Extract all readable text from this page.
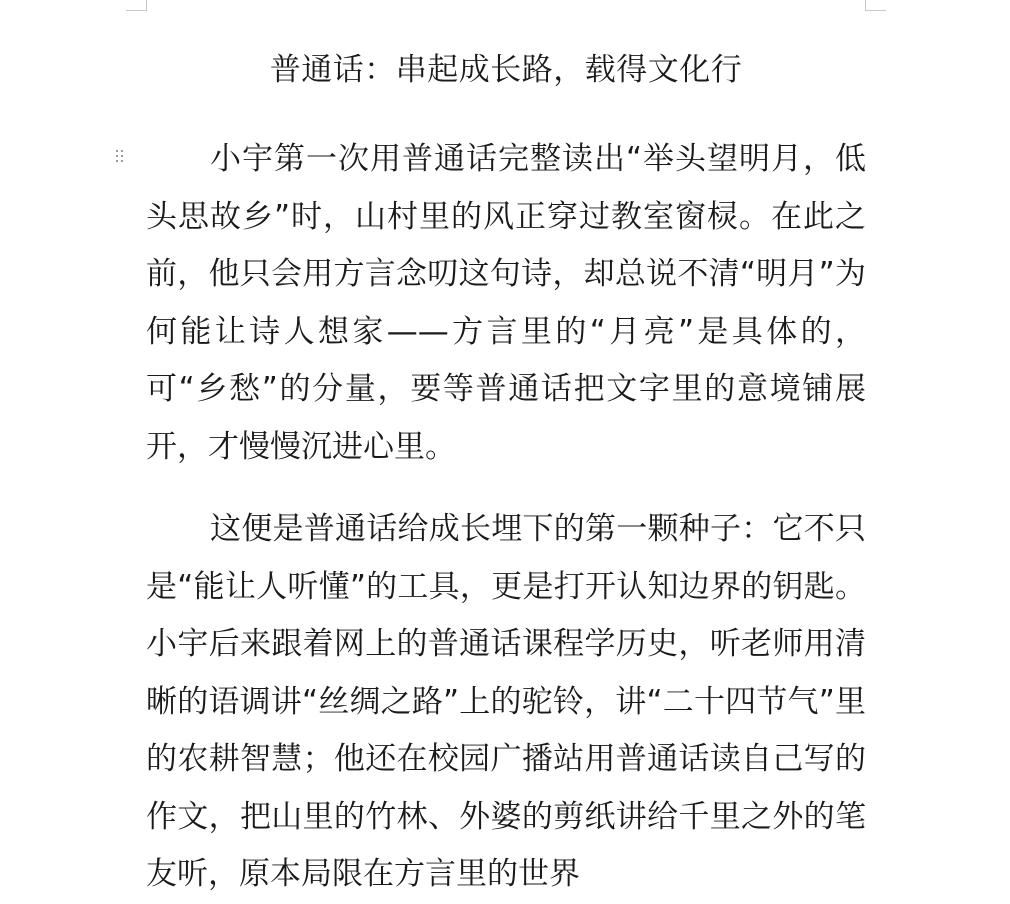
普通话：串起成长路，载得文化行

小宇第一次用普通话完整读出“举头望明月，低头思故乡”时，山村里的风正穿过教室窗棂。在此之前，他只会用方言念叨这句诗，却总说不清“明月”为何能让诗人想家——方言里的“月亮”是具体的，可“乡愁”的分量，要等普通话把文字里的意境铺展开，才慢慢沉进心里。

这便是普通话给成长埋下的第一颗种子：它不只是“能让人听懂”的工具，更是打开认知边界的钥匙。小宇后来跟着网上的普通话课程学历史，听老师用清晰的语调讲“丝绸之路”上的驼铃，讲“二十四节气”里的农耕智慧；他还在校园广播站用普通话读自己写的作文，把山里的竹林、外婆的剪纸讲给千里之外的笔友听，原本局限在方言里的世界
